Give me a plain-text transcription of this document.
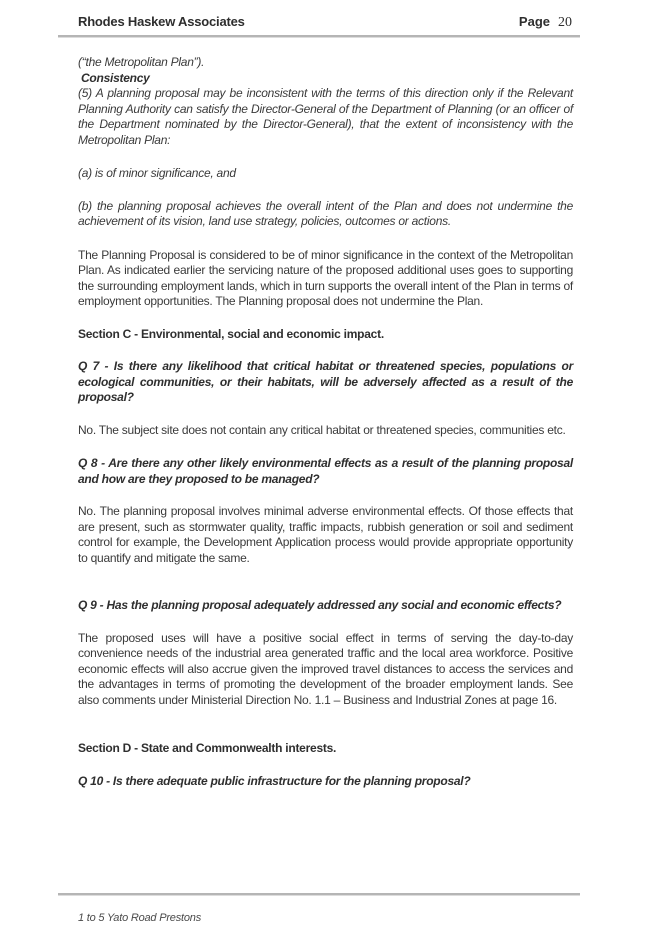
Rhodes Haskew Associates	Page 20

(“the Metropolitan Plan”).

Consistency

(5) A planning proposal may be inconsistent with the terms of this direction only if the Relevant Planning Authority can satisfy the Director-General of the Department of Planning (or an officer of the Department nominated by the Director-General), that the extent of inconsistency with the Metropolitan Plan:

(a) is of minor significance, and

(b) the planning proposal achieves the overall intent of the Plan and does not undermine the achievement of its vision, land use strategy, policies, outcomes or actions.

The Planning Proposal is considered to be of minor significance in the context of the Metropolitan Plan. As indicated earlier the servicing nature of the proposed additional uses goes to supporting the surrounding employment lands, which in turn supports the overall intent of the Plan in terms of employment opportunities. The Planning proposal does not undermine the Plan.

Section C - Environmental, social and economic impact.

Q 7 - Is there any likelihood that critical habitat or threatened species, populations or ecological communities, or their habitats, will be adversely affected as a result of the proposal?

No. The subject site does not contain any critical habitat or threatened species, communities etc.

Q 8 - Are there any other likely environmental effects as a result of the planning proposal and how are they proposed to be managed?

No. The planning proposal involves minimal adverse environmental effects. Of those effects that are present, such as stormwater quality, traffic impacts, rubbish generation or soil and sediment control for example, the Development Application process would provide appropriate opportunity to quantify and mitigate the same.

Q 9 - Has the planning proposal adequately addressed any social and economic effects?

The proposed uses will have a positive social effect in terms of serving the day-to-day convenience needs of the industrial area generated traffic and the local area workforce. Positive economic effects will also accrue given the improved travel distances to access the services and the advantages in terms of promoting the development of the broader employment lands. See also comments under Ministerial Direction No. 1.1 – Business and Industrial Zones at page 16.

Section D - State and Commonwealth interests.

Q 10 - Is there adequate public infrastructure for the planning proposal?

1 to 5 Yato Road Prestons
